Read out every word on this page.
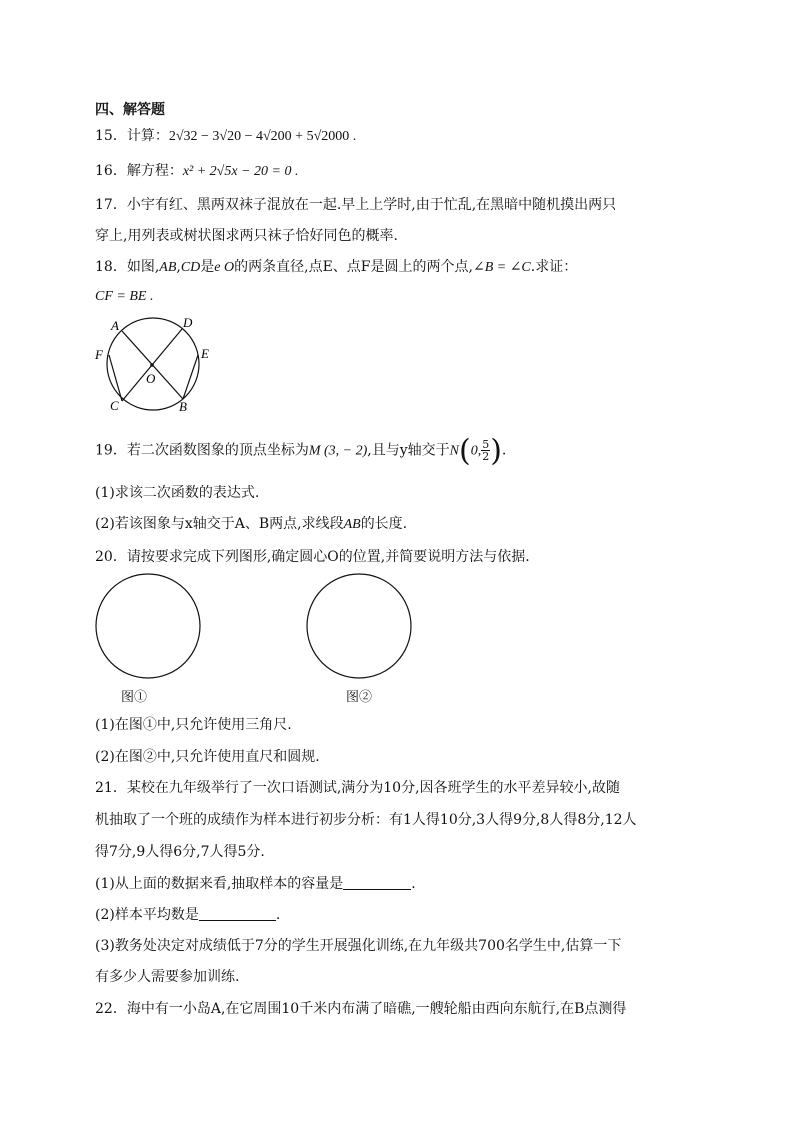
四、解答题
15．计算：2√32 − 3√20 − 4√200 + 5√2000 .
16．解方程：x² + 2√5x − 20 = 0 .
17．小宇有红、黑两双袜子混放在一起.早上上学时,由于忙乱,在黑暗中随机摸出两只
穿上,用列表或树状图求两只袜子恰好同色的概率.
18．如图,AB,CD是e O的两条直径,点E、点F是圆上的两个点,∠B = ∠C.求证：
CF = BE .
A	D
F	E
O
C	B
19．若二次函数图象的顶点坐标为M (3, − 2),且与y轴交于N(0, $\frac{5}{2}$ ).
(1)求该二次函数的表达式.
(2)若该图象与x轴交于A、B两点,求线段AB的长度.
20．请按要求完成下列图形,确定圆心O的位置,并简要说明方法与依据.
图①	图②
(1)在图①中,只允许使用三角尺.
(2)在图②中,只允许使用直尺和圆规.
21．某校在九年级举行了一次口语测试,满分为10分,因各班学生的水平差异较小,故随
机抽取了一个班的成绩作为样本进行初步分析：有1人得10分,3人得9分,8人得8分,12人
得7分,9人得6分,7人得5分.
(1)从上面的数据来看,抽取样本的容量是	.
(2)样本平均数是	.
(3)教务处决定对成绩低于7分的学生开展强化训练,在九年级共700名学生中,估算一下
有多少人需要参加训练.
22．海中有一小岛A,在它周围10千米内布满了暗礁,一艘轮船由西向东航行,在B点测得
